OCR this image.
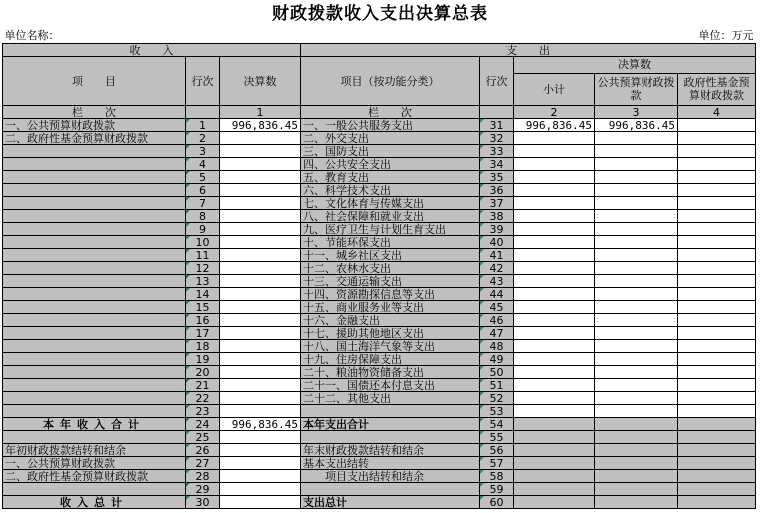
财政拨款收入支出决算总表
单位名称：				单位：万元			
收　　入			支　　出				
项　　目	行次	决算数	项目（按功能分类）	行次	决算数		
					小计	公共预算财政拨款	政府性基金预算财政拨款
栏　　次		1	栏　　次		2	3	4
一、公共预算财政拨款	1	996,836.45	一、一般公共服务支出	31	996,836.45	996,836.45	
二、政府性基金预算财政拨款	2		二、外交支出	32			
	3		三、国防支出	33			
	4		四、公共安全支出	34			
	5		五、教育支出	35			
	6		六、科学技术支出	36			
	7		七、文化体育与传媒支出	37			
	8		八、社会保障和就业支出	38			
	9		九、医疗卫生与计划生育支出	39			
	10		十、节能环保支出	40			
	11		十一、城乡社区支出	41			
	12		十二、农林水支出	42			
	13		十三、交通运输支出	43			
	14		十四、资源勘探信息等支出	44			
	15		十五、商业服务业等支出	45			
	16		十六、金融支出	46			
	17		十七、援助其他地区支出	47			
	18		十八、国土海洋气象等支出	48			
	19		十九、住房保障支出	49			
	20		二十、粮油物资储备支出	50			
	21		二十一、国债还本付息支出	51			
	22		二十二、其他支出	52			
	23			53			
本年收入合计	24	996,836.45	本年支出合计	54			
	25			55			
年初财政拨款结转和结余	26		年末财政拨款结转和结余	56			
一、公共预算财政拨款	27		基本支出结转	57			
二、政府性基金预算财政拨款	28		　　项目支出结转和结余	58			
	29			59			
收入总计	30		支出总计	60			
